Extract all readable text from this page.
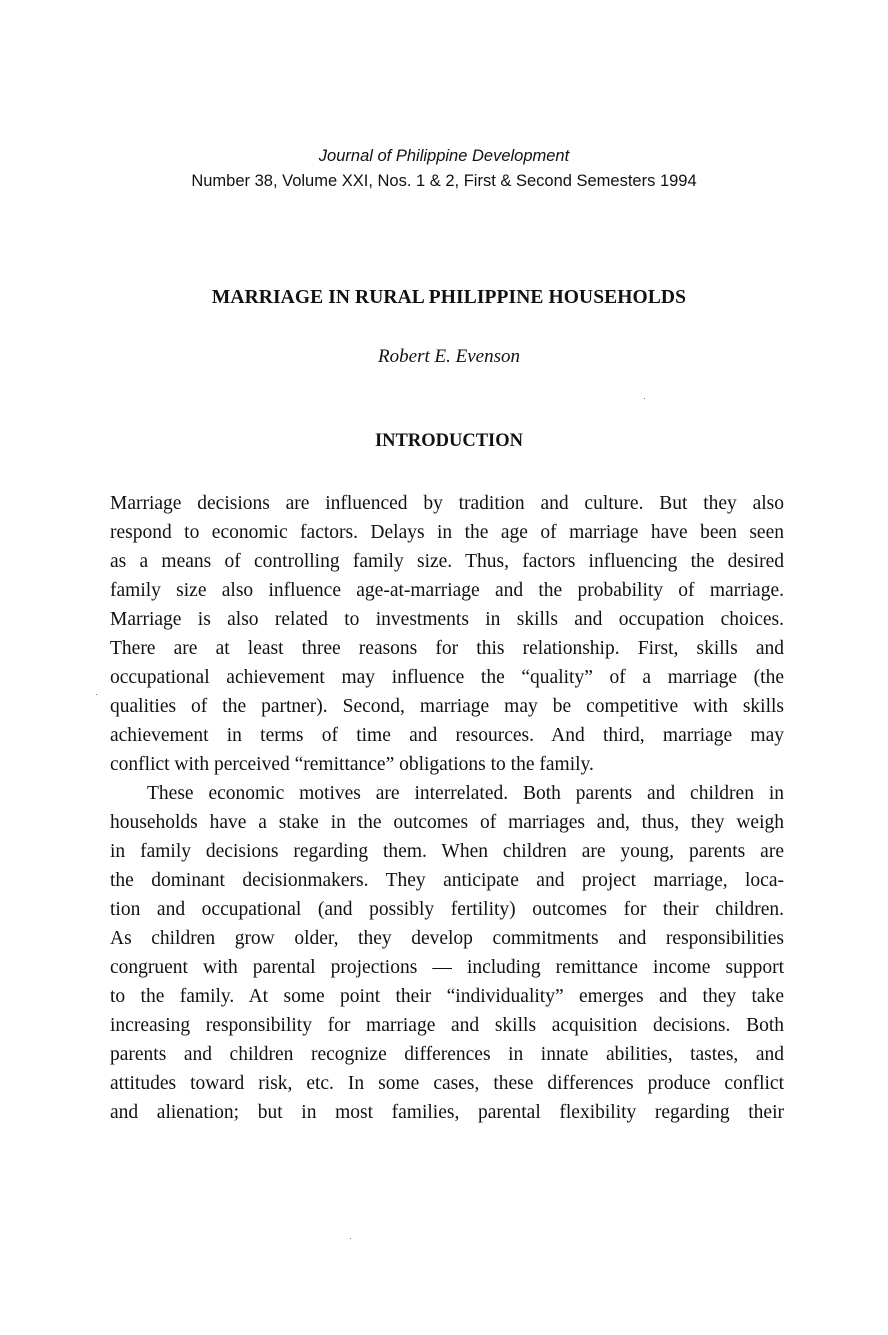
Journal of Philippine Development
Number 38, Volume XXI, Nos. 1 & 2, First & Second Semesters 1994
MARRIAGE IN RURAL PHILIPPINE HOUSEHOLDS
Robert E. Evenson
INTRODUCTION
Marriage decisions are influenced by tradition and culture. But they also
respond to economic factors. Delays in the age of marriage have been seen
as a means of controlling family size. Thus, factors influencing the desired
family size also influence age-at-marriage and the probability of marriage.
Marriage is also related to investments in skills and occupation choices.
There are at least three reasons for this relationship. First, skills and
occupational achievement may influence the “quality” of a marriage (the
qualities of the partner). Second, marriage may be competitive with skills
achievement in terms of time and resources. And third, marriage may
conflict with perceived “remittance” obligations to the family.
These economic motives are interrelated. Both parents and children in
households have a stake in the outcomes of marriages and, thus, they weigh
in family decisions regarding them. When children are young, parents are
the dominant decisionmakers. They anticipate and project marriage, loca-
tion and occupational (and possibly fertility) outcomes for their children.
As children grow older, they develop commitments and responsibilities
congruent with parental projections — including remittance income support
to the family. At some point their “individuality” emerges and they take
increasing responsibility for marriage and skills acquisition decisions. Both
parents and children recognize differences in innate abilities, tastes, and
attitudes toward risk, etc. In some cases, these differences produce conflict
and alienation; but in most families, parental flexibility regarding their
